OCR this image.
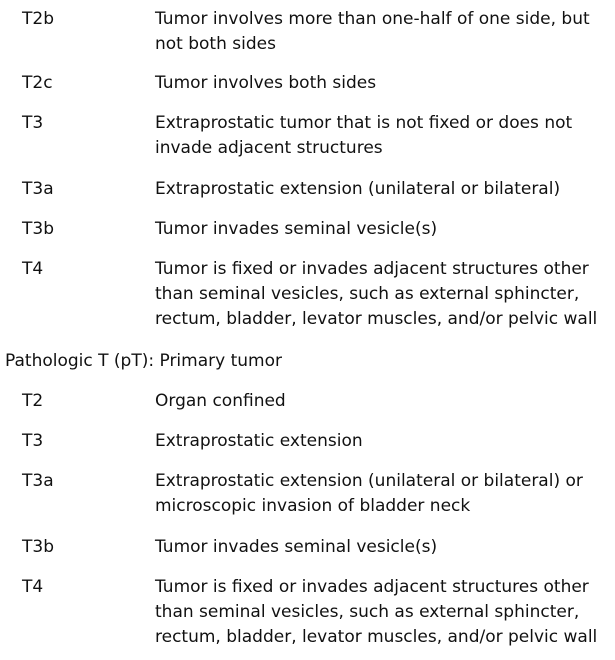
T2b	Tumor involves more than one-half of one side, but
not both sides
T2c	Tumor involves both sides
T3	Extraprostatic tumor that is not fixed or does not
invade adjacent structures
T3a	Extraprostatic extension (unilateral or bilateral)
T3b	Tumor invades seminal vesicle(s)
T4	Tumor is fixed or invades adjacent structures other
than seminal vesicles, such as external sphincter,
rectum, bladder, levator muscles, and/or pelvic wall
Pathologic T (pT): Primary tumor
T2	Organ confined
T3	Extraprostatic extension
T3a	Extraprostatic extension (unilateral or bilateral) or
microscopic invasion of bladder neck
T3b	Tumor invades seminal vesicle(s)
T4	Tumor is fixed or invades adjacent structures other
than seminal vesicles, such as external sphincter,
rectum, bladder, levator muscles, and/or pelvic wall
